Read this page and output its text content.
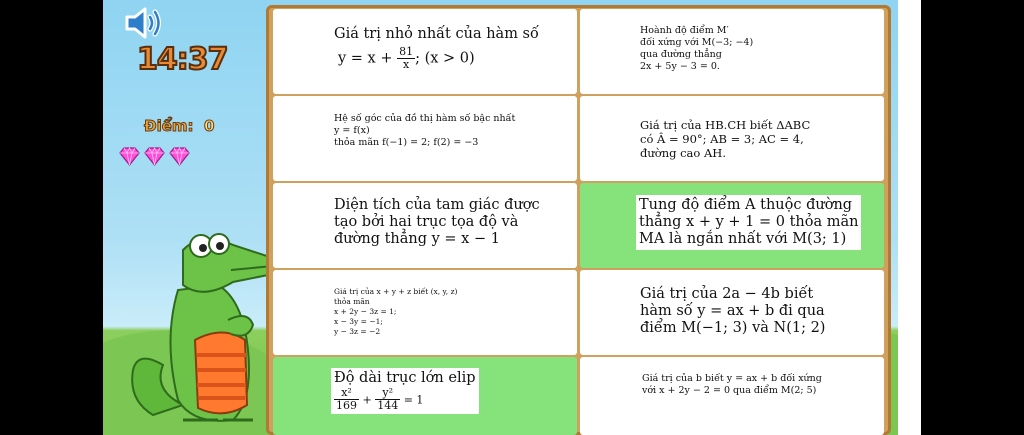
14:37
Điểm: 0
Giá trị nhỏ nhất của hàm số
$y = x + \frac{81}{x}$ ; (x > 0)
Hoành độ điểm M′
đối xứng với M(−3; −4)
qua đường thẳng
2x + 5y − 3 = 0.
Hệ số góc của đồ thị hàm số bậc nhất
y = f(x)
thỏa mãn f(−1) = 2; f(2) = −3
Giá trị của HB.CH biết ΔABC
có Â = 90°; AB = 3; AC = 4,
đường cao AH.
Diện tích của tam giác được
tạo bởi hai trục tọa độ và
đường thẳng y = x − 1
Tung độ điểm A thuộc đường
thẳng x + y + 1 = 0 thỏa mãn
MA là ngắn nhất với M(3; 1)
Giá trị của x + y + z biết (x, y, z)
thỏa mãn
x + 2y − 3z = 1;
x − 3y = −1;
y − 3z = −2
Giá trị của 2a − 4b biết
hàm số y = ax + b đi qua
điểm M(−1; 3) và N(1; 2)
Độ dài trục lớn elip

$\frac{\text{x²}}{169} + \frac{\text{y²}}{144} = 1$
Giá trị của b biết y = ax + b đối xứng
với x + 2y − 2 = 0 qua điểm M(2; 5)
